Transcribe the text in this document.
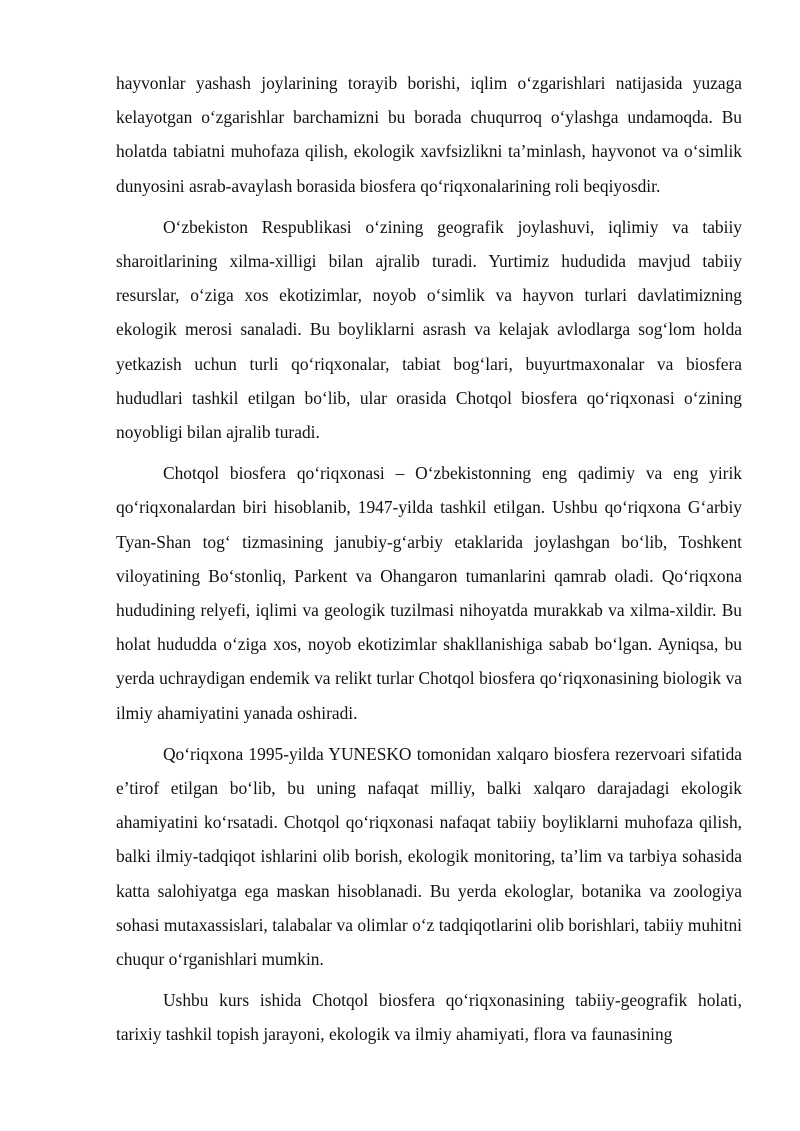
hayvonlar yashash joylarining torayib borishi, iqlim o‘zgarishlari natijasida yuzaga kelayotgan o‘zgarishlar barchamizni bu borada chuqurroq o‘ylashga undamoqda. Bu holatda tabiatni muhofaza qilish, ekologik xavfsizlikni ta’minlash, hayvonot va o‘simlik dunyosini asrab-avaylash borasida biosfera qo‘riqxonalarining roli beqiyosdir.

O‘zbekiston Respublikasi o‘zining geografik joylashuvi, iqlimiy va tabiiy sharoitlarining xilma-xilligi bilan ajralib turadi. Yurtimiz hududida mavjud tabiiy resurslar, o‘ziga xos ekotizimlar, noyob o‘simlik va hayvon turlari davlatimizning ekologik merosi sanaladi. Bu boyliklarni asrash va kelajak avlodlarga sog‘lom holda yetkazish uchun turli qo‘riqxonalar, tabiat bog‘lari, buyurtmaxonalar va biosfera hududlari tashkil etilgan bo‘lib, ular orasida Chotqol biosfera qo‘riqxonasi o‘zining noyobligi bilan ajralib turadi.

Chotqol biosfera qo‘riqxonasi – O‘zbekistonning eng qadimiy va eng yirik qo‘riqxonalardan biri hisoblanib, 1947-yilda tashkil etilgan. Ushbu qo‘riqxona G‘arbiy Tyan-Shan tog‘ tizmasining janubiy-g‘arbiy etaklarida joylashgan bo‘lib, Toshkent viloyatining Bo‘stonliq, Parkent va Ohangaron tumanlarini qamrab oladi. Qo‘riqxona hududining relyefi, iqlimi va geologik tuzilmasi nihoyatda murakkab va xilma-xildir. Bu holat hududda o‘ziga xos, noyob ekotizimlar shakllanishiga sabab bo‘lgan. Ayniqsa, bu yerda uchraydigan endemik va relikt turlar Chotqol biosfera qo‘riqxonasining biologik va ilmiy ahamiyatini yanada oshiradi.

Qo‘riqxona 1995-yilda YUNESKO tomonidan xalqaro biosfera rezervoari sifatida e’tirof etilgan bo‘lib, bu uning nafaqat milliy, balki xalqaro darajadagi ekologik ahamiyatini ko‘rsatadi. Chotqol qo‘riqxonasi nafaqat tabiiy boyliklarni muhofaza qilish, balki ilmiy-tadqiqot ishlarini olib borish, ekologik monitoring, ta’lim va tarbiya sohasida katta salohiyatga ega maskan hisoblanadi. Bu yerda ekologlar, botanika va zoologiya sohasi mutaxassislari, talabalar va olimlar o‘z tadqiqotlarini olib borishlari, tabiiy muhitni chuqur o‘rganishlari mumkin.

Ushbu kurs ishida Chotqol biosfera qo‘riqxonasining tabiiy-geografik holati, tarixiy tashkil topish jarayoni, ekologik va ilmiy ahamiyati, flora va faunasining
